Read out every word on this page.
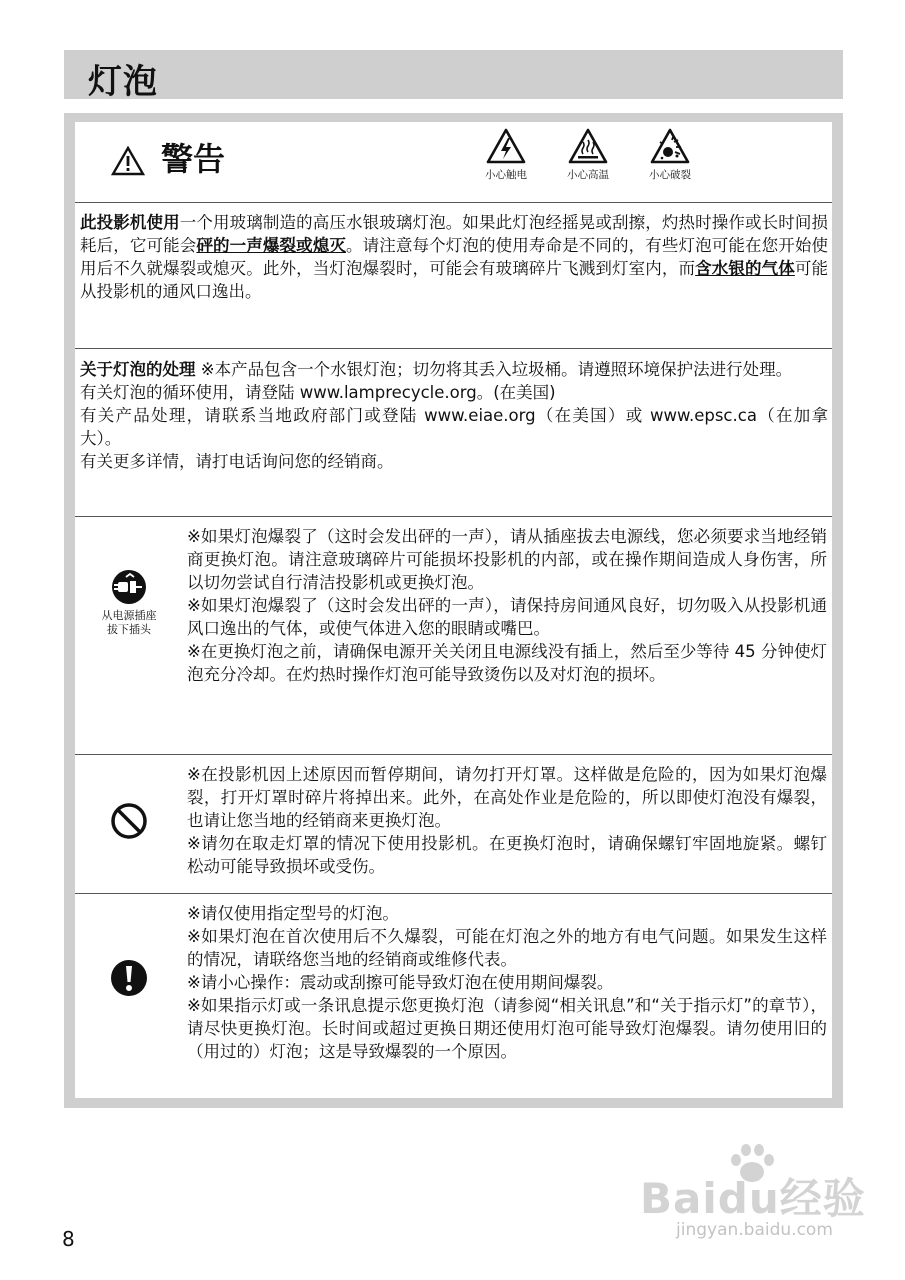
灯泡
警告	小心触电	小心高温	小心破裂
此投影机使用一个用玻璃制造的高压水银玻璃灯泡。如果此灯泡经摇晃或刮擦，灼热时操作或长时间损耗后，它可能会砰的一声爆裂或熄灭。请注意每个灯泡的使用寿命是不同的，有些灯泡可能在您开始使用后不久就爆裂或熄灭。此外，当灯泡爆裂时，可能会有玻璃碎片飞溅到灯室内，而含水银的气体可能从投影机的通风口逸出。
关于灯泡的处理 ※本产品包含一个水银灯泡；切勿将其丢入垃圾桶。请遵照环境保护法进行处理。
有关灯泡的循环使用，请登陆 www.lamprecycle.org。(在美国)
有关产品处理，请联系当地政府部门或登陆 www.eiae.org（在美国）或 www.epsc.ca（在加拿大）。
有关更多详情，请打电话询问您的经销商。
从电源插座
拔下插头
※如果灯泡爆裂了（这时会发出砰的一声），请从插座拔去电源线，您必须要求当地经销商更换灯泡。请注意玻璃碎片可能损坏投影机的内部，或在操作期间造成人身伤害，所以切勿尝试自行清洁投影机或更换灯泡。
※如果灯泡爆裂了（这时会发出砰的一声），请保持房间通风良好，切勿吸入从投影机通风口逸出的气体，或使气体进入您的眼睛或嘴巴。
※在更换灯泡之前，请确保电源开关关闭且电源线没有插上，然后至少等待 45 分钟使灯泡充分冷却。在灼热时操作灯泡可能导致烫伤以及对灯泡的损坏。
※在投影机因上述原因而暂停期间，请勿打开灯罩。这样做是危险的，因为如果灯泡爆裂，打开灯罩时碎片将掉出来。此外，在高处作业是危险的，所以即使灯泡没有爆裂，也请让您当地的经销商来更换灯泡。
※请勿在取走灯罩的情况下使用投影机。在更换灯泡时，请确保螺钉牢固地旋紧。螺钉松动可能导致损坏或受伤。
※请仅使用指定型号的灯泡。
※如果灯泡在首次使用后不久爆裂，可能在灯泡之外的地方有电气问题。如果发生这样的情况，请联络您当地的经销商或维修代表。
※请小心操作：震动或刮擦可能导致灯泡在使用期间爆裂。
※如果指示灯或一条讯息提示您更换灯泡（请参阅“相关讯息”和“关于指示灯”的章节），请尽快更换灯泡。长时间或超过更换日期还使用灯泡可能导致灯泡爆裂。请勿使用旧的（用过的）灯泡；这是导致爆裂的一个原因。
8
Baidu经验
jingyan.baidu.com
